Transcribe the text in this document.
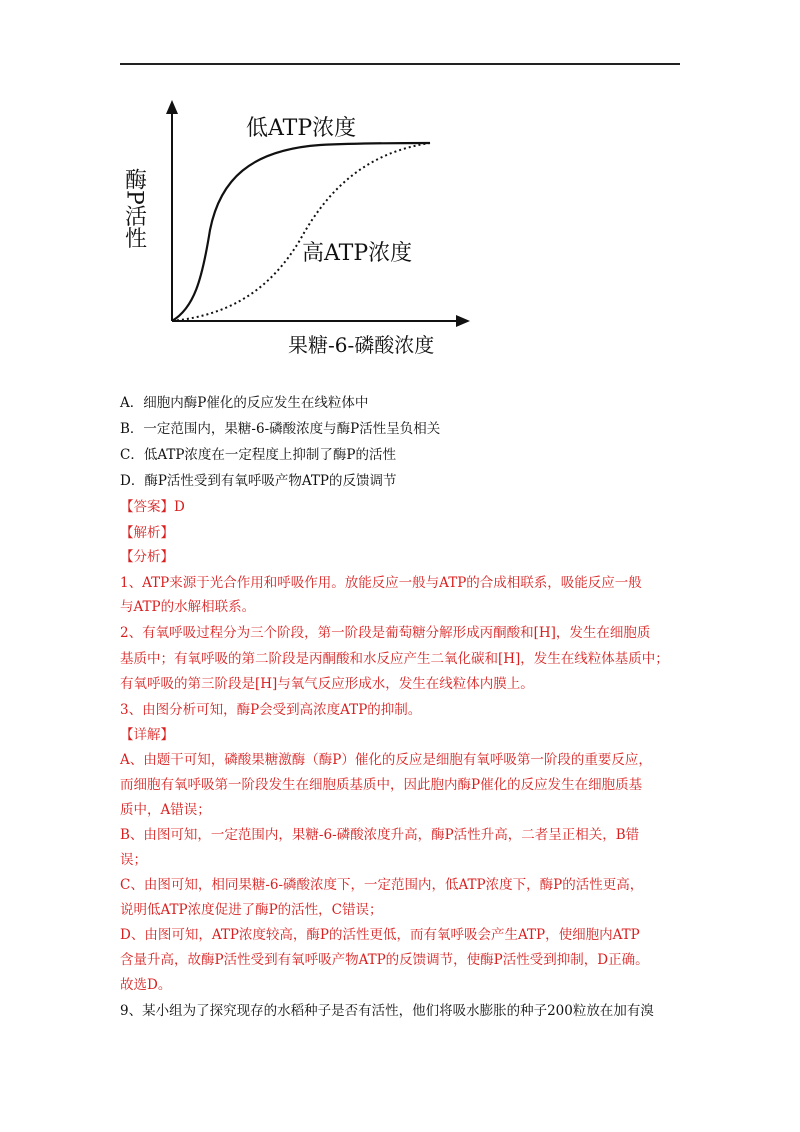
低ATP浓度
高ATP浓度
果糖-6-磷酸浓度
酶P活性
A．细胞内酶P催化的反应发生在线粒体中
B．一定范围内，果糖-6-磷酸浓度与酶P活性呈负相关
C．低ATP浓度在一定程度上抑制了酶P的活性
D．酶P活性受到有氧呼吸产物ATP的反馈调节
【答案】D
【解析】
【分析】
1、ATP来源于光合作用和呼吸作用。放能反应一般与ATP的合成相联系，吸能反应一般
与ATP的水解相联系。
2、有氧呼吸过程分为三个阶段，第一阶段是葡萄糖分解形成丙酮酸和[H]，发生在细胞质
基质中；有氧呼吸的第二阶段是丙酮酸和水反应产生二氧化碳和[H]，发生在线粒体基质中；
有氧呼吸的第三阶段是[H]与氧气反应形成水，发生在线粒体内膜上。
3、由图分析可知，酶P会受到高浓度ATP的抑制。
【详解】
A、由题干可知，磷酸果糖激酶（酶P）催化的反应是细胞有氧呼吸第一阶段的重要反应，
而细胞有氧呼吸第一阶段发生在细胞质基质中，因此胞内酶P催化的反应发生在细胞质基
质中，A错误；
B、由图可知，一定范围内，果糖-6-磷酸浓度升高，酶P活性升高，二者呈正相关，B错
误；
C、由图可知，相同果糖-6-磷酸浓度下，一定范围内，低ATP浓度下，酶P的活性更高，
说明低ATP浓度促进了酶P的活性，C错误；
D、由图可知，ATP浓度较高，酶P的活性更低，而有氧呼吸会产生ATP，使细胞内ATP
含量升高，故酶P活性受到有氧呼吸产物ATP的反馈调节，使酶P活性受到抑制，D正确。
故选D。
9、某小组为了探究现存的水稻种子是否有活性，他们将吸水膨胀的种子200粒放在加有溴
